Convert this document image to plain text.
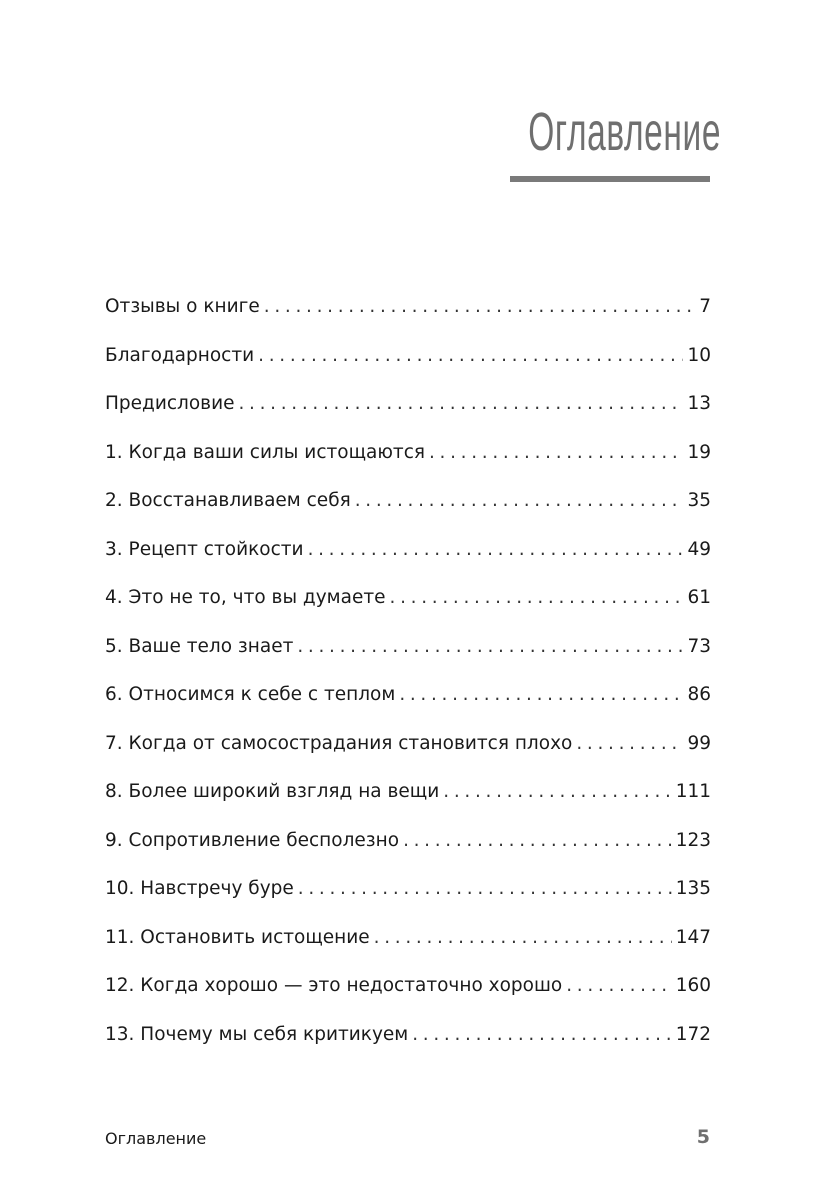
Оглавление
Отзывы о книге . . .	7
Благодарности . . .	10
Предисловие . . .	13
1. Когда ваши силы истощаются . . .	19
2. Восстанавливаем себя . . .	35
3. Рецепт стойкости . . .	49
4. Это не то, что вы думаете . . .	61
5. Ваше тело знает . . .	73
6. Относимся к себе с теплом . . .	86
7. Когда от самосострадания становится плохо . . .	99
8. Более широкий взгляд на вещи . . .	111
9. Сопротивление бесполезно . . .	123
10. Навстречу буре . . .	135
11. Остановить истощение . . .	147
12. Когда хорошо — это недостаточно хорошо . . .	160
13. Почему мы себя критикуем . . .	172
Оглавление	5
